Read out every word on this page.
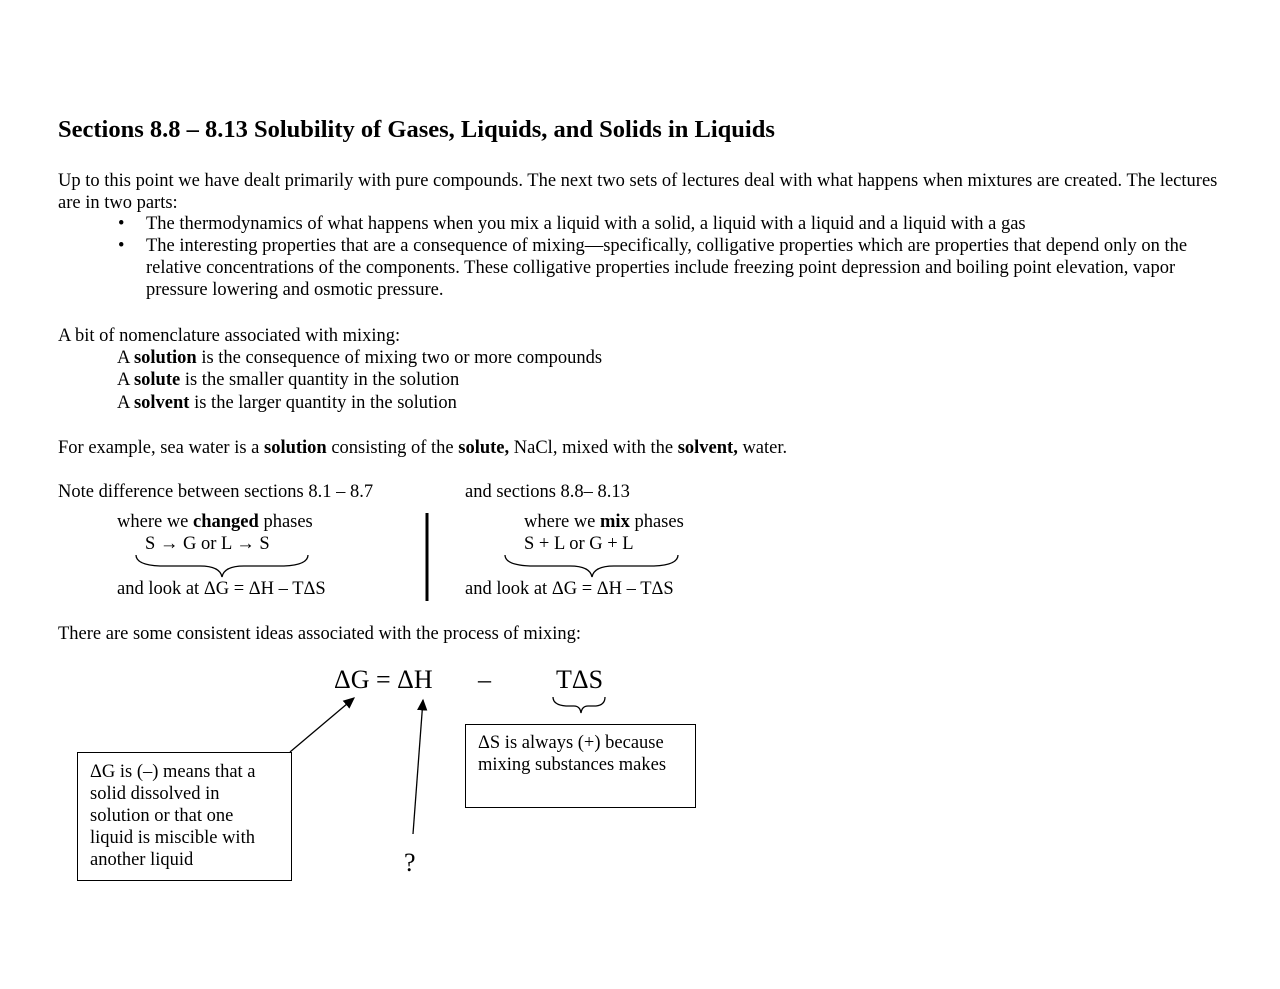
Sections 8.8 – 8.13 Solubility of Gases, Liquids, and Solids in Liquids
Up to this point we have dealt primarily with pure compounds. The next two sets of lectures deal with what happens when mixtures are created. The lectures are in two parts:
•	The thermodynamics of what happens when you mix a liquid with a solid, a liquid with a liquid and a liquid with a gas
•	The interesting properties that are a consequence of mixing—specifically, colligative properties which are properties that depend only on the relative concentrations of the components. These colligative properties include freezing point depression and boiling point elevation, vapor pressure lowering and osmotic pressure.
A bit of nomenclature associated with mixing:
A solution is the consequence of mixing two or more compounds
A solute is the smaller quantity in the solution
A solvent is the larger quantity in the solution
For example, sea water is a solution consisting of the solute, NaCl, mixed with the solvent, water.
Note difference between sections 8.1 – 8.7	and sections 8.8– 8.13
where we changed phases
S → G or L → S
and look at ΔG = ΔH – TΔS
where we mix phases
S + L or G + L
and look at ΔG = ΔH – TΔS
There are some consistent ideas associated with the process of mixing:
ΔG = ΔH –	TΔS
ΔG is (–) means that a solid dissolved in solution or that one liquid is miscible with another liquid
ΔS is always (+) because mixing substances makes
?
